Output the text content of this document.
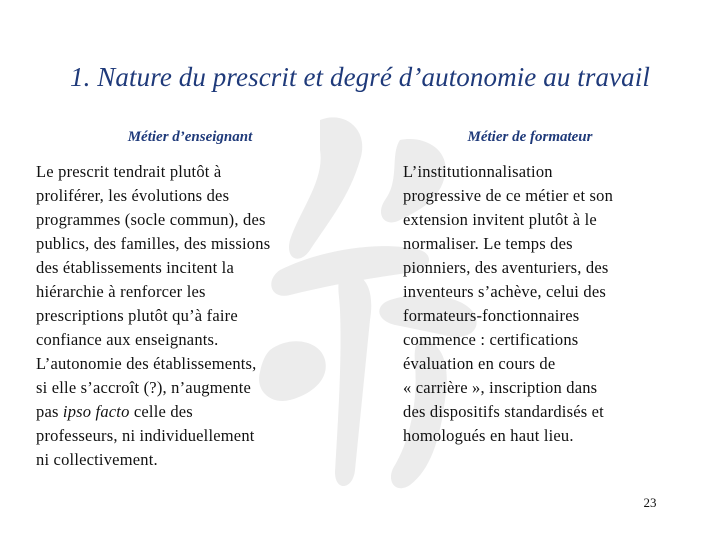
1. Nature du prescrit et degré d’autonomie au travail
Métier d’enseignant	Métier de formateur
Le prescrit tendrait plutôt à
proliférer, les évolutions des
programmes (socle commun), des
publics, des familles, des missions
des établissements incitent la
hiérarchie à renforcer les
prescriptions plutôt qu’à faire
confiance aux enseignants.
L’autonomie des établissements,
si elle s’accroît (?), n’augmente
pas ipso facto celle des
professeurs, ni individuellement
ni collectivement.
L’institutionnalisation
progressive de ce métier et son
extension invitent plutôt à le
normaliser. Le temps des
pionniers, des aventuriers, des
inventeurs s’achève, celui des
formateurs-fonctionnaires
commence : certifications
évaluation en cours de
« carrière », inscription dans
des dispositifs standardisés et
homologués en haut lieu.
23
